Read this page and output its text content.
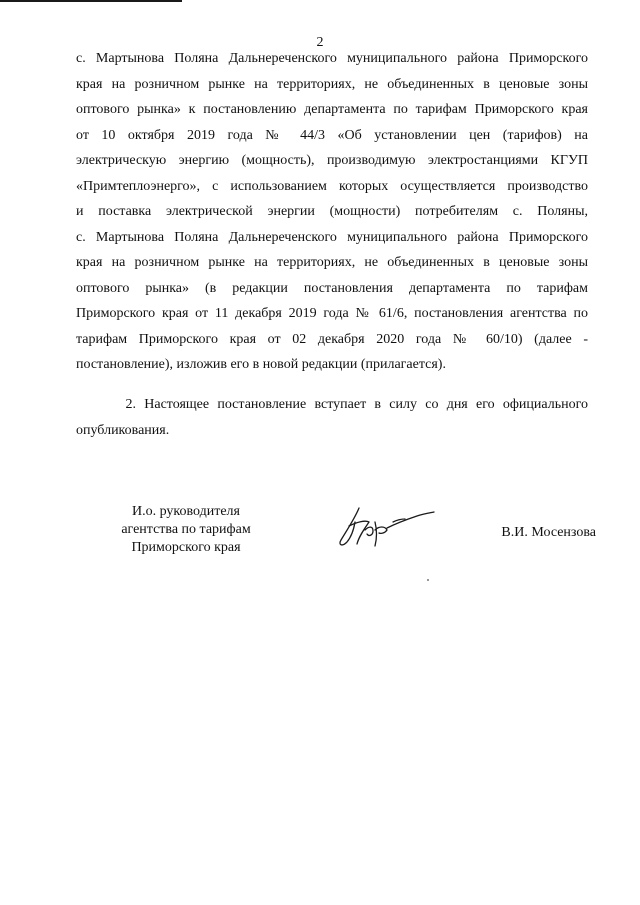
2
с. Мартынова Поляна Дальнереченского муниципального района Приморского
края на розничном рынке на территориях, не объединенных в ценовые зоны
оптового рынка» к постановлению департамента по тарифам Приморского края
от 10 октября 2019 года № 44/3 «Об установлении цен (тарифов) на
электрическую энергию (мощность), производимую электростанциями КГУП
«Примтеплоэнерго», с использованием которых осуществляется производство
и поставка электрической энергии (мощности) потребителям с. Поляны,
с. Мартынова Поляна Дальнереченского муниципального района Приморского
края на розничном рынке на территориях, не объединенных в ценовые зоны
оптового рынка» (в редакции постановления департамента по тарифам
Приморского края от 11 декабря 2019 года № 61/6, постановления агентства по
тарифам Приморского края от 02 декабря 2020 года № 60/10) (далее -
постановление), изложив его в новой редакции (прилагается).
2. Настоящее постановление вступает в силу со дня его официального
опубликования.
И.о. руководителя
агентства по тарифам
Приморского края
В.И. Мосензова
